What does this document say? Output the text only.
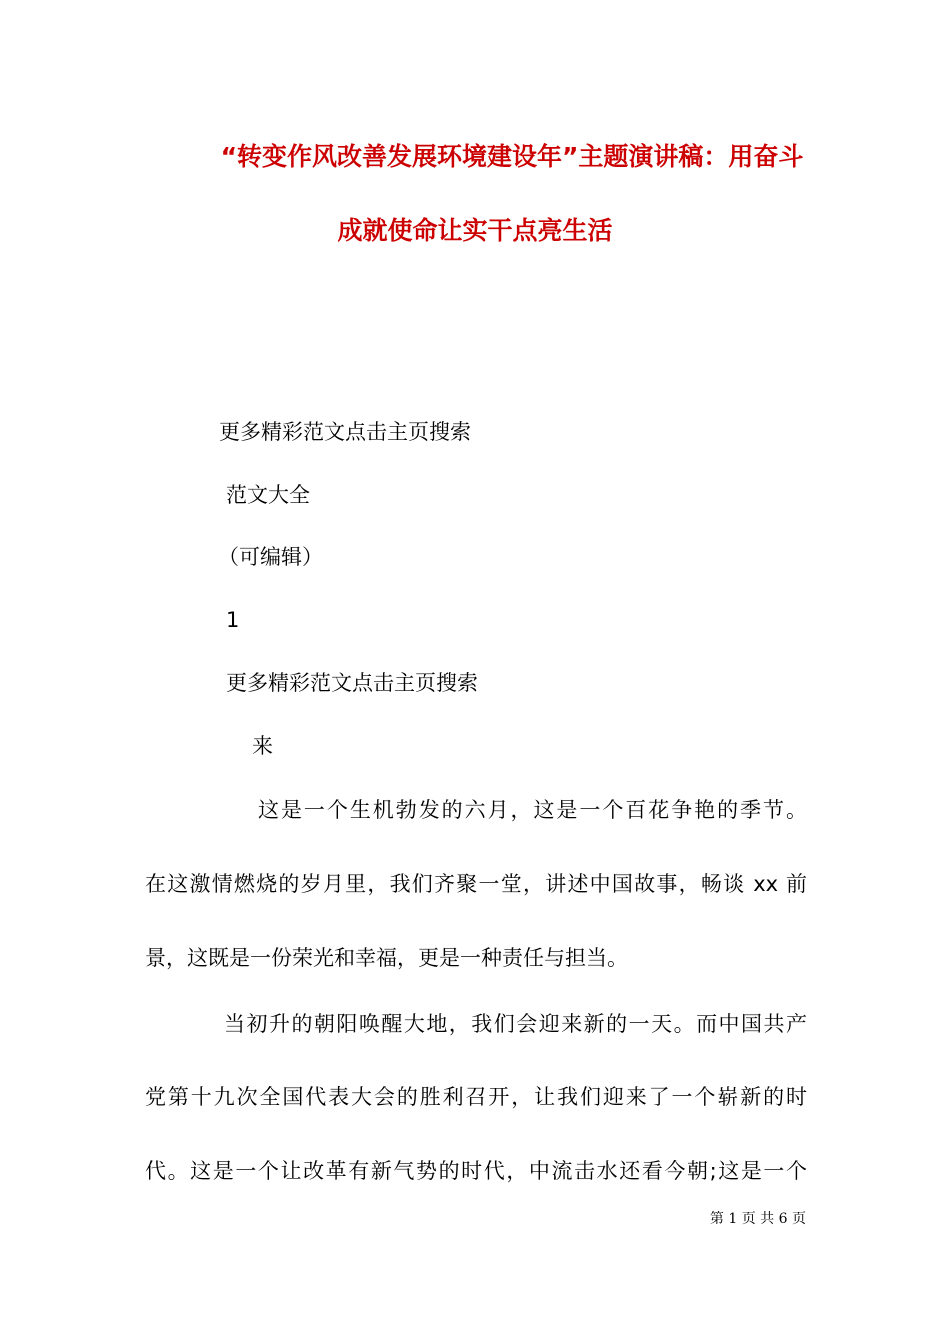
“转变作风改善发展环境建设年”主题演讲稿：用奋斗
成就使命让实干点亮生活
更多精彩范文点击主页搜索
范文大全
（可编辑）
1
更多精彩范文点击主页搜索
来
这是一个生机勃发的六月，这是一个百花争艳的季节。
在这激情燃烧的岁月里，我们齐聚一堂，讲述中国故事，畅谈 xx 前
景，这既是一份荣光和幸福，更是一种责任与担当。
当初升的朝阳唤醒大地，我们会迎来新的一天。而中国共产
党第十九次全国代表大会的胜利召开，让我们迎来了一个崭新的时
代。这是一个让改革有新气势的时代，中流击水还看今朝;这是一个
第 1 页 共 6 页
